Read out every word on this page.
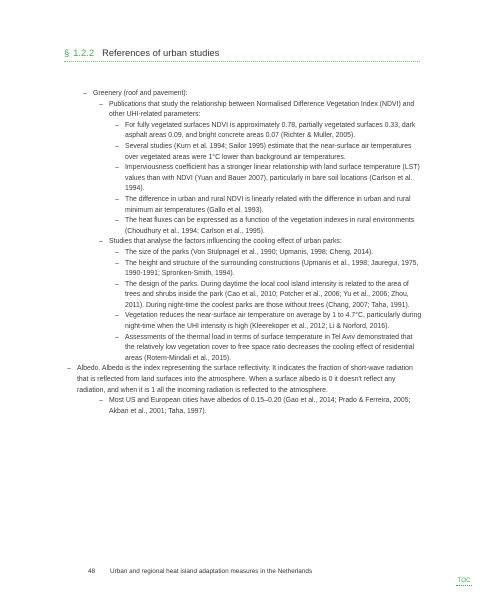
§ 1.2.2 References of urban studies
– Greenery (roof and pavement):
– Publications that study the relationship between Normalised Difference Vegetation Index (NDVI) and other UHI-related parameters:
– For fully vegetated surfaces NDVI is approximately 0.78, partially vegetated surfaces 0.33, dark asphalt areas 0.09, and bright concrete areas 0.07 (Richter & Muller, 2005).
– Several studies (Kurn et al. 1994; Sailor 1995) estimate that the near-surface air temperatures over vegetated areas were 1°C lower than background air temperatures.
– Imperviousness coefficient has a stronger linear relationship with land surface temperature (LST) values than with NDVI (Yuan and Bauer 2007), particularly in bare soil locations (Carlson et al. 1994).
– The difference in urban and rural NDVI is linearly related with the difference in urban and rural minimum air temperatures (Gallo et al. 1993).
– The heat fluxes can be expressed as a function of the vegetation indexes in rural environments (Choudhury et al., 1994; Carlson et al., 1995).
– Studies that analyse the factors influencing the cooling effect of urban parks:
– The size of the parks (Von Stulpnagel et al., 1990; Upmanis, 1998; Cheng, 2014).
– The height and structure of the surrounding constructions (Upmanis et al., 1998; Jauregui, 1975, 1990-1991; Spronken-Smith, 1994).
– The design of the parks. During daytime the local cool island intensity is related to the area of trees and shrubs inside the park (Cao et al., 2010; Potcher et al., 2006; Yu et al., 2006; Zhou, 2011). During night-time the coolest parks are those without trees (Chang, 2007; Taha, 1991).
– Vegetation reduces the near-surface air temperature on average by 1 to 4.7°C, particularly during night-time when the UHI intensity is high (Kleerekoper et al., 2012; Li & Norford, 2016).
– Assessments of the thermal load in terms of surface temperature in Tel Aviv demonstrated that the relatively low vegetation cover to free space ratio decreases the cooling effect of residential areas (Rotem-Mindali et al., 2015).
– Albedo. Albedo is the index representing the surface reflectivity. It indicates the fraction of short-wave radiation that is reflected from land surfaces into the atmosphere. When a surface albedo is 0 it doesn't reflect any radiation, and when it is 1 all the incoming radiation is reflected to the atmosphere.
– Most US and European cities have albedos of 0.15–0.20 (Gao et al., 2014; Prado & Ferreira, 2005; Akbari et al., 2001; Taha, 1997).
48 Urban and regional heat island adaptation measures in the Netherlands
TOC
